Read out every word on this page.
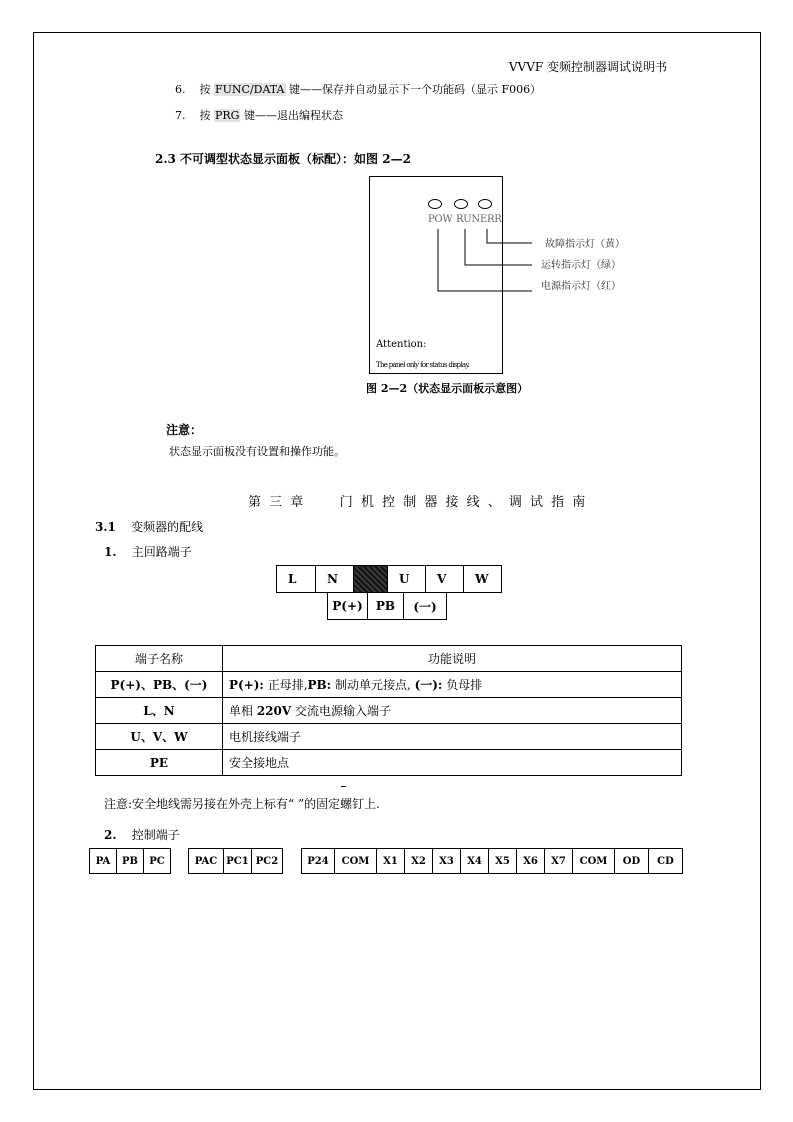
VVVF 变频控制器调试说明书
6. 按 FUNC/DATA 键——保存并自动显示下一个功能码（显示 F006）
7. 按 PRG 键——退出编程状态
2.3 不可调型状态显示面板（标配）：如图 2—2
POW RUN ERR
Attention:
The panel only for status display.
故障指示灯（黄）
运转指示灯（绿）
电源指示灯（红）
图 2—2（状态显示面板示意图）
注意：
状态显示面板没有设置和操作功能。
第 三 章	门 机 控 制 器 接 线 、 调 试 指 南
3.1 变频器的配线
1. 主回路端子
L	N		U	V	W
P(+)	PB	(一)
端子名称	功能说明
P(+)、PB、(一)	P(+): 正母排,PB: 制动单元接点, (一): 负母排
L、N	单相 220V 交流电源输入端子
U、V、W	电机接线端子
PE	安全接地点
注意:安全地线需另接在外壳上标有“ ”的固定螺钉上.
2. 控制端子
PA	PB	PC	PAC	PC1	PC2	P24	COM	X1	X2	X3	X4	X5	X6	X7	COM	OD	CD
